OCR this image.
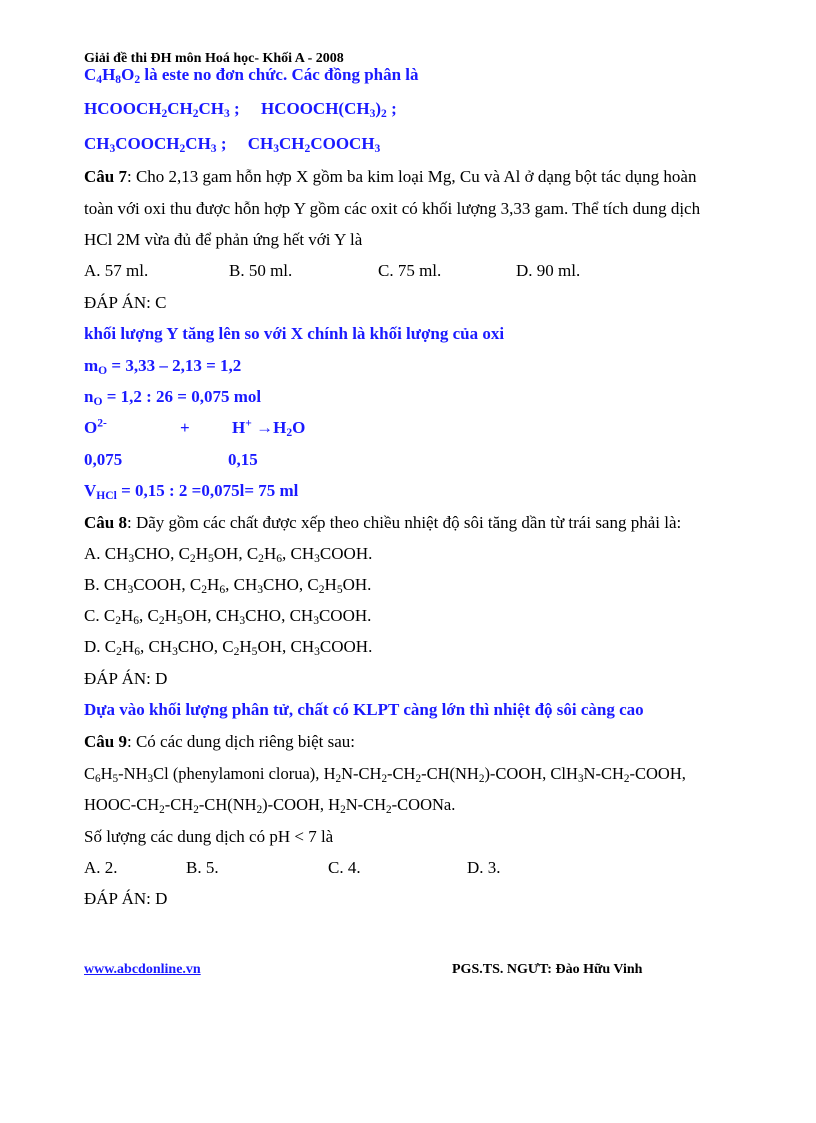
Giải đề thi ĐH môn Hoá học- Khối A - 2008
$C_4H_8O_2$ là este no đơn chức. Các đồng phân là
$HCOOCH_2CH_2CH_3$ ;     $HCOOCH(CH_3)_2$ ;
$CH_3COOCH_2CH_3$ ;     $CH_3CH_2COOCH_3$
Câu 7: Cho 2,13 gam hỗn hợp X gồm ba kim loại Mg, Cu và Al ở dạng bột tác dụng hoàn
toàn với oxi thu được hỗn hợp Y gồm các oxit có khối lượng 3,33 gam. Thể tích dung dịch
HCl 2M vừa đủ để phản ứng hết với Y là
A. 57 ml.	B. 50 ml.	C. 75 ml.	D. 90 ml.
ĐÁP ÁN: C
khối lượng Y tăng lên so với X chính là khối lượng của oxi
$m_O = 3,33 - 2,13 = 1,2$
$n_O = 1,2$ : 26 = 0,075 mol
$O^{2-}$	+ $H^+ \to H_2O$
0,075	0,15
$V_{HCl} = 0,15$ : 2 =0,075l= 75 ml
Câu 8: Dãy gồm các chất được xếp theo chiều nhiệt độ sôi tăng dần từ trái sang phải là:
A. $CH_3CHO$, $C_2H_5OH$, $C_2H_6$, $CH_3COOH$.
B. $CH_3COOH$, $C_2H_6$, $CH_3CHO$, $C_2H_5OH$.
C. $C_2H_6$, $C_2H_5OH$, $CH_3CHO$, $CH_3COOH$.
D. $C_2H_6$, $CH_3CHO$, $C_2H_5OH$, $CH_3COOH$.
ĐÁP ÁN: D
Dựa vào khối lượng phân tử, chất có KLPT càng lớn thì nhiệt độ sôi càng cao
Câu 9: Có các dung dịch riêng biệt sau:
$C_6H_5-NH_3Cl$ (phenylamoni clorua), $H_2N-CH_2-CH_2-CH(NH_2)$-COOH, $ClH_3N-CH_2$-COOH,
HOOC-$CH_2-CH_2-CH(NH_2)$-COOH, $H_2N-CH_2$-COONa.
Số lượng các dung dịch có pH < 7 là
A. 2.	B. 5.	C. 4.	D. 3.
ĐÁP ÁN: D
www.abcdonline.vn	PGS.TS. NGƯT: Đào Hữu Vinh
